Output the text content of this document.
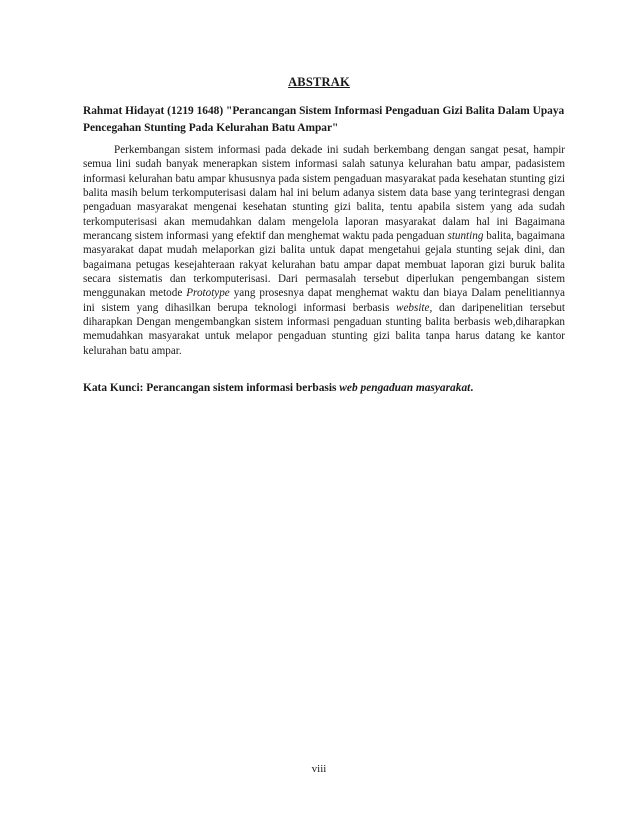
ABSTRAK
Rahmat Hidayat (1219 1648) "Perancangan Sistem Informasi Pengaduan Gizi Balita Dalam Upaya Pencegahan Stunting Pada Kelurahan Batu Ampar"
Perkembangan sistem informasi pada dekade ini sudah berkembang dengan sangat pesat, hampir semua lini sudah banyak menerapkan sistem informasi salah satunya kelurahan batu ampar, padasistem informasi kelurahan batu ampar khususnya pada sistem pengaduan masyarakat pada kesehatan stunting gizi balita masih belum terkomputerisasi dalam hal ini belum adanya sistem data base yang terintegrasi dengan pengaduan masyarakat mengenai kesehatan stunting gizi balita, tentu apabila sistem yang ada sudah terkomputerisasi akan memudahkan dalam mengelola laporan masyarakat dalam hal ini Bagaimana merancang sistem informasi yang efektif dan menghemat waktu pada pengaduan stunting balita, bagaimana masyarakat dapat mudah melaporkan gizi balita untuk dapat mengetahui gejala stunting sejak dini, dan bagaimana petugas kesejahteraan rakyat kelurahan batu ampar dapat membuat laporan gizi buruk balita secara sistematis dan terkomputerisasi. Dari permasalah tersebut diperlukan pengembangan sistem menggunakan metode Prototype yang prosesnya dapat menghemat waktu dan biaya Dalam penelitiannya ini sistem yang dihasilkan berupa teknologi informasi berbasis website, dan daripenelitian tersebut diharapkan Dengan mengembangkan sistem informasi pengaduan stunting balita berbasis web,diharapkan memudahkan masyarakat untuk melapor pengaduan stunting gizi balita tanpa harus datang ke kantor kelurahan batu ampar.
Kata Kunci: Perancangan sistem informasi berbasis web pengaduan masyarakat.
viii
